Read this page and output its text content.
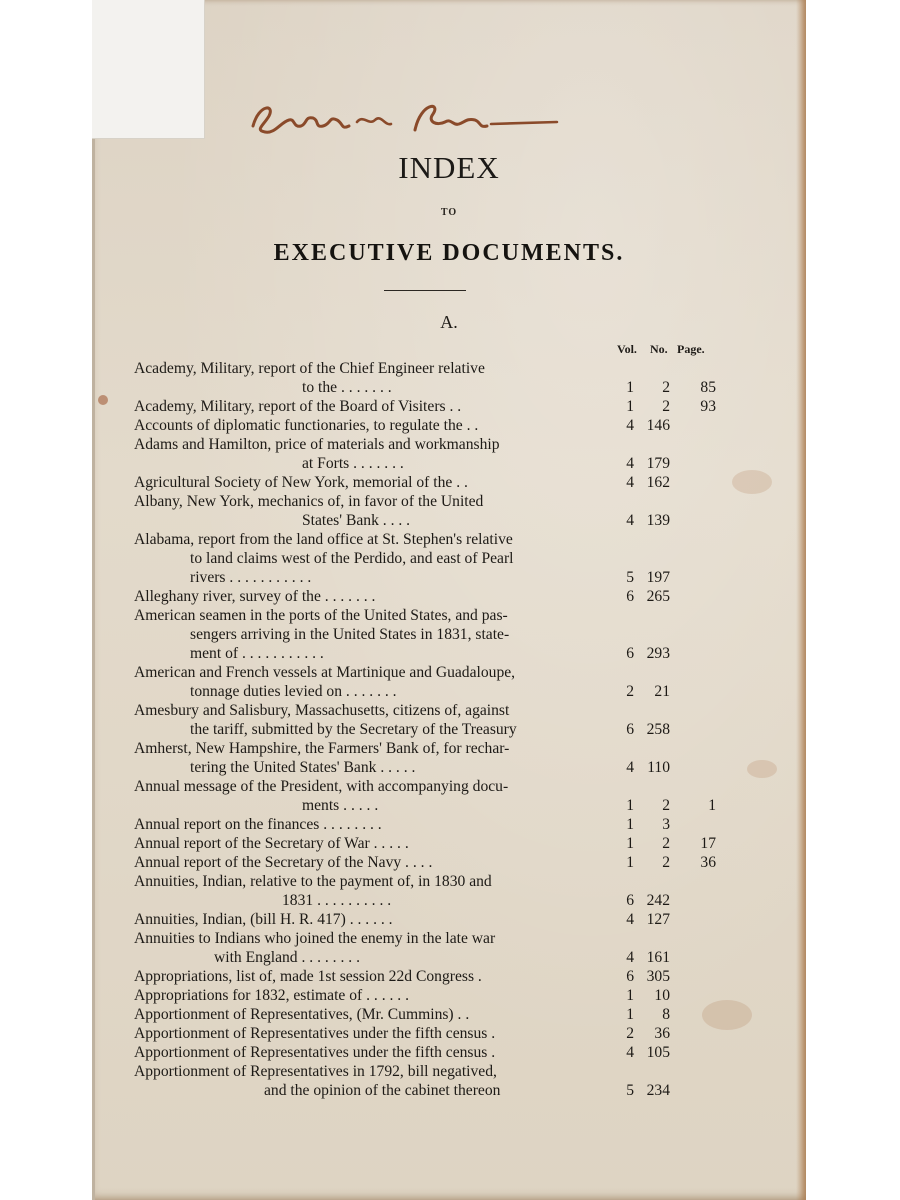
INDEX
TO
EXECUTIVE DOCUMENTS.
A.
Vol. No. Page.
Academy, Military, report of the Chief Engineer relative
to the . . . . . . .	1	2	85
Academy, Military, report of the Board of Visiters . .	1	2	93
Accounts of diplomatic functionaries, to regulate the . .	4 146
Adams and Hamilton, price of materials and workmanship
at Forts . . . . . . .	4 179
Agricultural Society of New York, memorial of the . .	4 162
Albany, New York, mechanics of, in favor of the United
States' Bank . . . .	4 139
Alabama, report from the land office at St. Stephen's relative
to land claims west of the Perdido, and east of Pearl
rivers . . . . . . . . . . .	5 197
Alleghany river, survey of the . . . . . . .	6 265
American seamen in the ports of the United States, and pas-
sengers arriving in the United States in 1831, state-
ment of . . . . . . . . . . .	6 293
American and French vessels at Martinique and Guadaloupe,
tonnage duties levied on . . . . . . .	2	21
Amesbury and Salisbury, Massachusetts, citizens of, against
the tariff, submitted by the Secretary of the Treasury	6 258
Amherst, New Hampshire, the Farmers' Bank of, for rechar-
tering the United States' Bank . . . . .	4 110
Annual message of the President, with accompanying docu-
ments . . . . .	1	2	1
Annual report on the finances . . . . . . . .	1	3
Annual report of the Secretary of War . . . . .	1	2	17
Annual report of the Secretary of the Navy . . . .	1	2	36
Annuities, Indian, relative to the payment of, in 1830 and
1831 . . . . . . . . . .	6 242
Annuities, Indian, (bill H. R. 417) . . . . . .	4 127
Annuities to Indians who joined the enemy in the late war
with England . . . . . . . .	4 161
Appropriations, list of, made 1st session 22d Congress .	6 305
Appropriations for 1832, estimate of . . . . . .	1	10
Apportionment of Representatives, (Mr. Cummins) . .	1	8
Apportionment of Representatives under the fifth census .	2	36
Apportionment of Representatives under the fifth census .	4 105
Apportionment of Representatives in 1792, bill negatived,
and the opinion of the cabinet thereon	5 234
